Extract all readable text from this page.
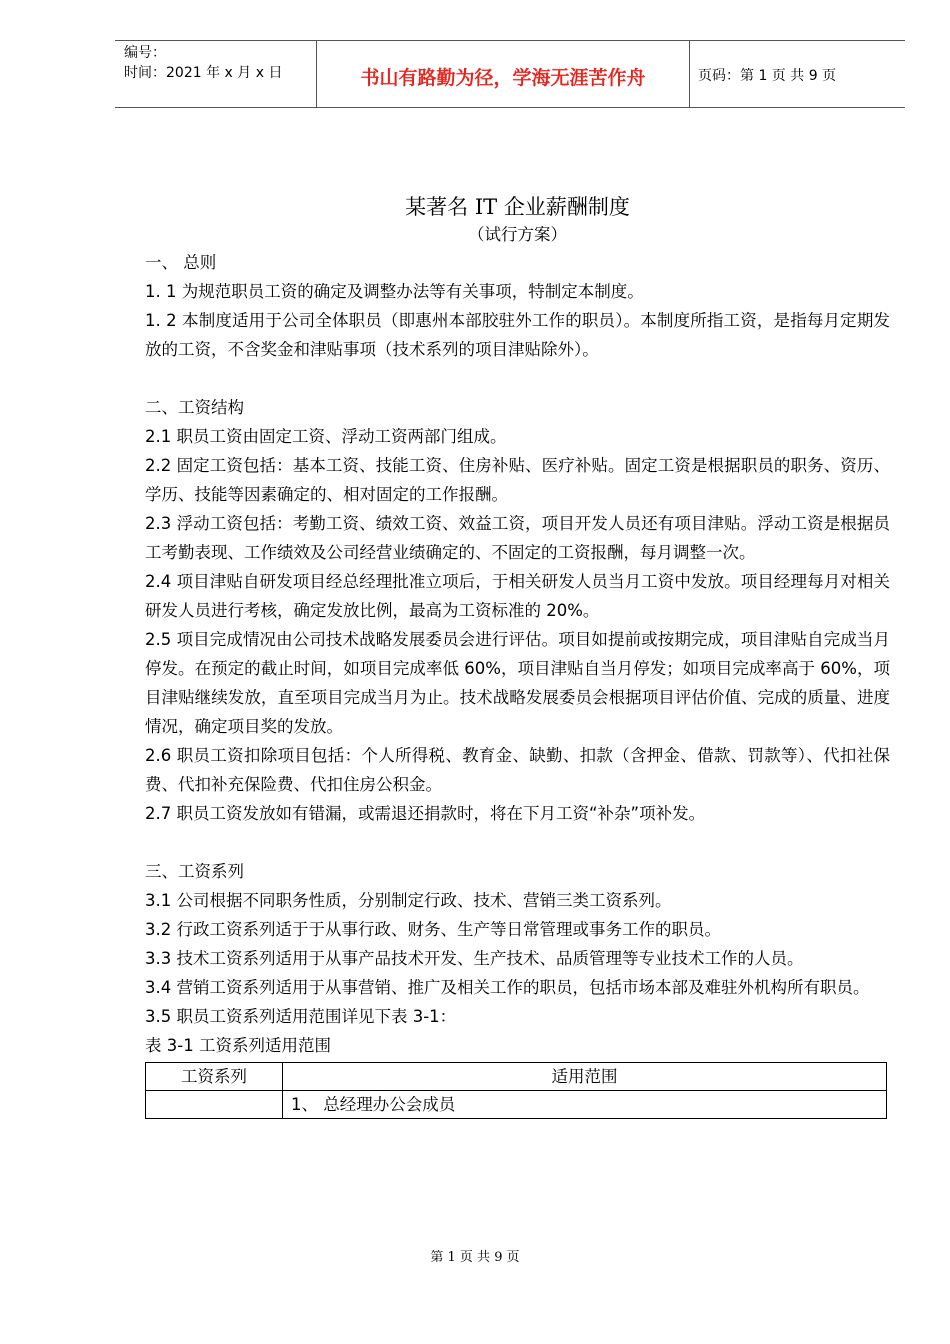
编号：
时间：2021 年 x 月 x 日	书山有路勤为径，学海无涯苦作舟	页码：第 1 页 共 9 页
某著名 IT 企业薪酬制度
（试行方案）

一、 总则

1. 1 为规范职员工资的确定及调整办法等有关事项，特制定本制度。

1. 2 本制度适用于公司全体职员（即惠州本部胶驻外工作的职员）。本制度所指工资，是指每月定期发放的工资，不含奖金和津贴事项（技术系列的项目津贴除外）。

二、工资结构

2.1 职员工资由固定工资、浮动工资两部门组成。

2.2 固定工资包括：基本工资、技能工资、住房补贴、医疗补贴。固定工资是根据职员的职务、资历、学历、技能等因素确定的、相对固定的工作报酬。

2.3 浮动工资包括：考勤工资、绩效工资、效益工资，项目开发人员还有项目津贴。浮动工资是根据员工考勤表现、工作绩效及公司经营业绩确定的、不固定的工资报酬，每月调整一次。

2.4 项目津贴自研发项目经总经理批准立项后，于相关研发人员当月工资中发放。项目经理每月对相关研发人员进行考核，确定发放比例，最高为工资标准的 20%。

2.5 项目完成情况由公司技术战略发展委员会进行评估。项目如提前或按期完成，项目津贴自完成当月停发。在预定的截止时间，如项目完成率低 60%，项目津贴自当月停发；如项目完成率高于 60%，项目津贴继续发放，直至项目完成当月为止。技术战略发展委员会根据项目评估价值、完成的质量、进度情况，确定项目奖的发放。

2.6 职员工资扣除项目包括：个人所得税、教育金、缺勤、扣款（含押金、借款、罚款等）、代扣社保费、代扣补充保险费、代扣住房公积金。

2.7 职员工资发放如有错漏，或需退还捐款时，将在下月工资“补杂”项补发。

三、工资系列

3.1 公司根据不同职务性质，分别制定行政、技术、营销三类工资系列。

3.2 行政工资系列适于于从事行政、财务、生产等日常管理或事务工作的职员。

3.3 技术工资系列适用于从事产品技术开发、生产技术、品质管理等专业技术工作的人员。

3.4 营销工资系列适用于从事营销、推广及相关工作的职员，包括市场本部及难驻外机构所有职员。

3.5 职员工资系列适用范围详见下表 3-1：

表 3-1 工资系列适用范围

工资系列	适用范围
	1、 总经理办公会成员
第 1 页 共 9 页
